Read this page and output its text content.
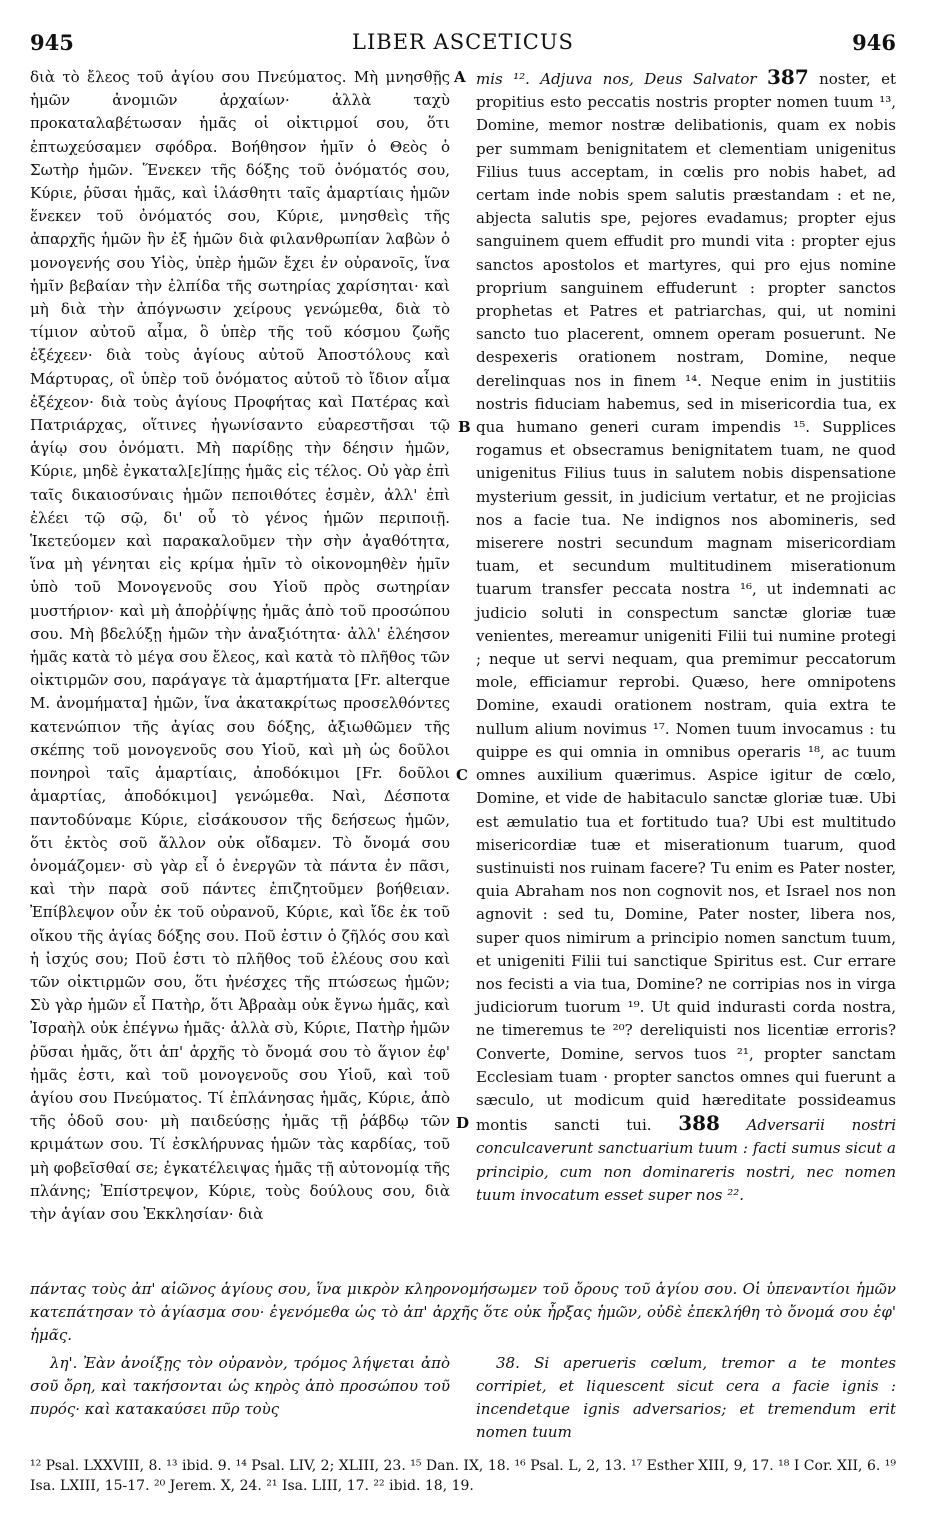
945	LIBER ASCETICUS	946

διὰ τὸ ἔλεος τοῦ ἁγίου σου Πνεύματος. Μὴ μνησθῇς ἡμῶν ἀνομιῶν ἀρχαίων· ἀλλὰ ταχὺ προκαταλαβέτωσαν ἡμᾶς οἱ οἰκτιρμοί σου, ὅτι ἐπτωχεύσαμεν σφόδρα. Βοήθησον ἡμῖν ὁ Θεὸς ὁ Σωτὴρ ἡμῶν. Ἕνεκεν τῆς δόξης τοῦ ὀνόματός σου, Κύριε, ῥῦσαι ἡμᾶς, καὶ ἱλάσθητι ταῖς ἁμαρτίαις ἡμῶν ἕνεκεν τοῦ ὀνόματός σου, Κύριε, μνησθεὶς τῆς ἀπαρχῆς ἡμῶν ἣν ἐξ ἡμῶν διὰ φιλανθρωπίαν λαβὼν ὁ μονογενής σου Υἱὸς, ὑπὲρ ἡμῶν ἔχει ἐν οὐρανοῖς, ἵνα ἡμῖν βεβαίαν τὴν ἐλπίδα τῆς σωτηρίας χαρίσηται· καὶ μὴ διὰ τὴν ἀπόγνωσιν χείρους γενώμεθα, διὰ τὸ τίμιον αὐτοῦ αἷμα, ὃ ὑπὲρ τῆς τοῦ κόσμου ζωῆς ἐξέχεεν· διὰ τοὺς ἁγίους αὐτοῦ Ἀποστόλους καὶ Μάρτυρας, οἳ ὑπὲρ τοῦ ὀνόματος αὐτοῦ τὸ ἴδιον αἷμα ἐξέχεον· διὰ τοὺς ἁγίους Προφήτας καὶ Πατέρας καὶ Πατριάρχας, οἵτινες ἠγωνίσαντο εὐαρεστῆσαι τῷ ἁγίῳ σου ὀνόματι. Μὴ παρίδῃς τὴν δέησιν ἡμῶν, Κύριε, μηδὲ ἐγκαταλ[ε]ίπῃς ἡμᾶς εἰς τέλος. Οὐ γὰρ ἐπὶ ταῖς δικαιοσύναις ἡμῶν πεποιθότες ἐσμὲν, ἀλλ' ἐπὶ ἐλέει τῷ σῷ, δι' οὗ τὸ γένος ἡμῶν περιποιῇ. Ἱκετεύομεν καὶ παρακαλοῦμεν τὴν σὴν ἀγαθότητα, ἵνα μὴ γένηται εἰς κρίμα ἡμῖν τὸ οἰκονομηθὲν ἡμῖν ὑπὸ τοῦ Μονογενοῦς σου Υἱοῦ πρὸς σωτηρίαν μυστήριον· καὶ μὴ ἀποῤῥίψῃς ἡμᾶς ἀπὸ τοῦ προσώπου σου. Μὴ βδελύξῃ ἡμῶν τὴν ἀναξιότητα· ἀλλ' ἐλέησον ἡμᾶς κατὰ τὸ μέγα σου ἔλεος, καὶ κατὰ τὸ πλῆθος τῶν οἰκτιρμῶν σου, παράγαγε τὰ ἁμαρτήματα [Fr. alterque M. ἀνομήματα] ἡμῶν, ἵνα ἀκατακρίτως προσελθόντες κατενώπιον τῆς ἁγίας σου δόξης, ἀξιωθῶμεν τῆς σκέπης τοῦ μονογενοῦς σου Υἱοῦ, καὶ μὴ ὡς δοῦλοι πονηροὶ ταῖς ἁμαρτίαις, ἀποδόκιμοι [Fr. δοῦλοι ἁμαρτίας, ἀποδόκιμοι] γενώμεθα. Ναὶ, Δέσποτα παντοδύναμε Κύριε, εἰσάκουσον τῆς δεήσεως ἡμῶν, ὅτι ἐκτὸς σοῦ ἄλλον οὐκ οἴδαμεν. Τὸ ὄνομά σου ὀνομάζομεν· σὺ γὰρ εἶ ὁ ἐνεργῶν τὰ πάντα ἐν πᾶσι, καὶ τὴν παρὰ σοῦ πάντες ἐπιζητοῦμεν βοήθειαν. Ἐπίβλεψον οὖν ἐκ τοῦ οὐρανοῦ, Κύριε, καὶ ἴδε ἐκ τοῦ οἴκου τῆς ἁγίας δόξης σου. Ποῦ ἐστιν ὁ ζῆλός σου καὶ ἡ ἰσχύς σου; Ποῦ ἐστι τὸ πλῆθος τοῦ ἐλέους σου καὶ τῶν οἰκτιρμῶν σου, ὅτι ἠνέσχες τῆς πτώσεως ἡμῶν; Σὺ γὰρ ἡμῶν εἶ Πατὴρ, ὅτι Ἀβραὰμ οὐκ ἔγνω ἡμᾶς, καὶ Ἰσραὴλ οὐκ ἐπέγνω ἡμᾶς· ἀλλὰ σὺ, Κύριε, Πατὴρ ἡμῶν ῥῦσαι ἡμᾶς, ὅτι ἀπ' ἀρχῆς τὸ ὄνομά σου τὸ ἅγιον ἐφ' ἡμᾶς ἐστι, καὶ τοῦ μονογενοῦς σου Υἱοῦ, καὶ τοῦ ἁγίου σου Πνεύματος. Τί ἐπλάνησας ἡμᾶς, Κύριε, ἀπὸ τῆς ὁδοῦ σου· μὴ παιδεύσῃς ἡμᾶς τῇ ῥάβδῳ τῶν κριμάτων σου. Τί ἐσκλήρυνας ἡμῶν τὰς καρδίας, τοῦ μὴ φοβεῖσθαί σε; ἐγκατέλειψας ἡμᾶς τῇ αὐτονομίᾳ τῆς πλάνης; Ἐπίστρεψον, Κύριε, τοὺς δούλους σου, διὰ τὴν ἁγίαν σου Ἐκκλησίαν· διὰ

A
B
C
D

mis ¹². Adjuva nos, Deus Salvator 387 noster, et propitius esto peccatis nostris propter nomen tuum ¹³, Domine, memor nostræ delibationis, quam ex nobis per summam benignitatem et clementiam unigenitus Filius tuus acceptam, in cœlis pro nobis habet, ad certam inde nobis spem salutis præstandam : et ne, abjecta salutis spe, pejores evadamus; propter ejus sanguinem quem effudit pro mundi vita : propter ejus sanctos apostolos et martyres, qui pro ejus nomine proprium sanguinem effuderunt : propter sanctos prophetas et Patres et patriarchas, qui, ut nomini sancto tuo placerent, omnem operam posuerunt. Ne despexeris orationem nostram, Domine, neque derelinquas nos in finem ¹⁴. Neque enim in justitiis nostris fiduciam habemus, sed in misericordia tua, ex qua humano generi curam impendis ¹⁵. Supplices rogamus et obsecramus benignitatem tuam, ne quod unigenitus Filius tuus in salutem nobis dispensatione mysterium gessit, in judicium vertatur, et ne projicias nos a facie tua. Ne indignos nos abomineris, sed miserere nostri secundum magnam misericordiam tuam, et secundum multitudinem miserationum tuarum transfer peccata nostra ¹⁶, ut indemnati ac judicio soluti in conspectum sanctæ gloriæ tuæ venientes, mereamur unigeniti Filii tui numine protegi ; neque ut servi nequam, qua premimur peccatorum mole, efficiamur reprobi. Quæso, here omnipotens Domine, exaudi orationem nostram, quia extra te nullum alium novimus ¹⁷. Nomen tuum invocamus : tu quippe es qui omnia in omnibus operaris ¹⁸, ac tuum omnes auxilium quærimus. Aspice igitur de cœlo, Domine, et vide de habitaculo sanctæ gloriæ tuæ. Ubi est æmulatio tua et fortitudo tua? Ubi est multitudo misericordiæ tuæ et miserationum tuarum, quod sustinuisti nos ruinam facere? Tu enim es Pater noster, quia Abraham nos non cognovit nos, et Israel nos non agnovit : sed tu, Domine, Pater noster, libera nos, super quos nimirum a principio nomen sanctum tuum, et unigeniti Filii tui sanctique Spiritus est. Cur errare nos fecisti a via tua, Domine? ne corripias nos in virga judiciorum tuorum ¹⁹. Ut quid indurasti corda nostra, ne timeremus te ²⁰? dereliquisti nos licentiæ erroris? Converte, Domine, servos tuos ²¹, propter sanctam Ecclesiam tuam · propter sanctos omnes qui fuerunt a sæculo, ut modicum quid hæreditate possideamus montis sancti tui. 388 Adversarii nostri conculcaverunt sanctuarium tuum : facti sumus sicut a principio, cum non dominareris nostri, nec nomen tuum invocatum esset super nos ²².

πάντας τοὺς ἀπ' αἰῶνος ἁγίους σου, ἵνα μικρὸν κληρονομήσωμεν τοῦ ὄρους τοῦ ἁγίου σου. Οἱ ὑπεναντίοι ἡμῶν κατεπάτησαν τὸ ἁγίασμα σου· ἐγενόμεθα ὡς τὸ ἀπ' ἀρχῆς ὅτε οὐκ ἦρξας ἡμῶν, οὐδὲ ἐπεκλήθη τὸ ὄνομά σου ἐφ' ἡμᾶς.
λη'. Ἐὰν ἀνοίξῃς τὸν οὐρανὸν, τρόμος λήψεται ἀπὸ σοῦ ὄρη, καὶ τακήσονται ὡς κηρὸς ἀπὸ προσώπου τοῦ πυρός· καὶ κατακαύσει πῦρ τοὺς
38. Si aperueris cœlum, tremor a te montes corripiet, et liquescent sicut cera a facie ignis : incendetque ignis adversarios; et tremendum erit nomen tuum
¹² Psal. LXXVIII, 8. ¹³ ibid. 9. ¹⁴ Psal. LIV, 2; XLIII, 23. ¹⁵ Dan. IX, 18. ¹⁶ Psal. L, 2, 13. ¹⁷ Esther XIII, 9, 17. ¹⁸ I Cor. XII, 6. ¹⁹ Isa. LXIII, 15-17. ²⁰ Jerem. X, 24. ²¹ Isa. LIII, 17. ²² ibid. 18, 19.
